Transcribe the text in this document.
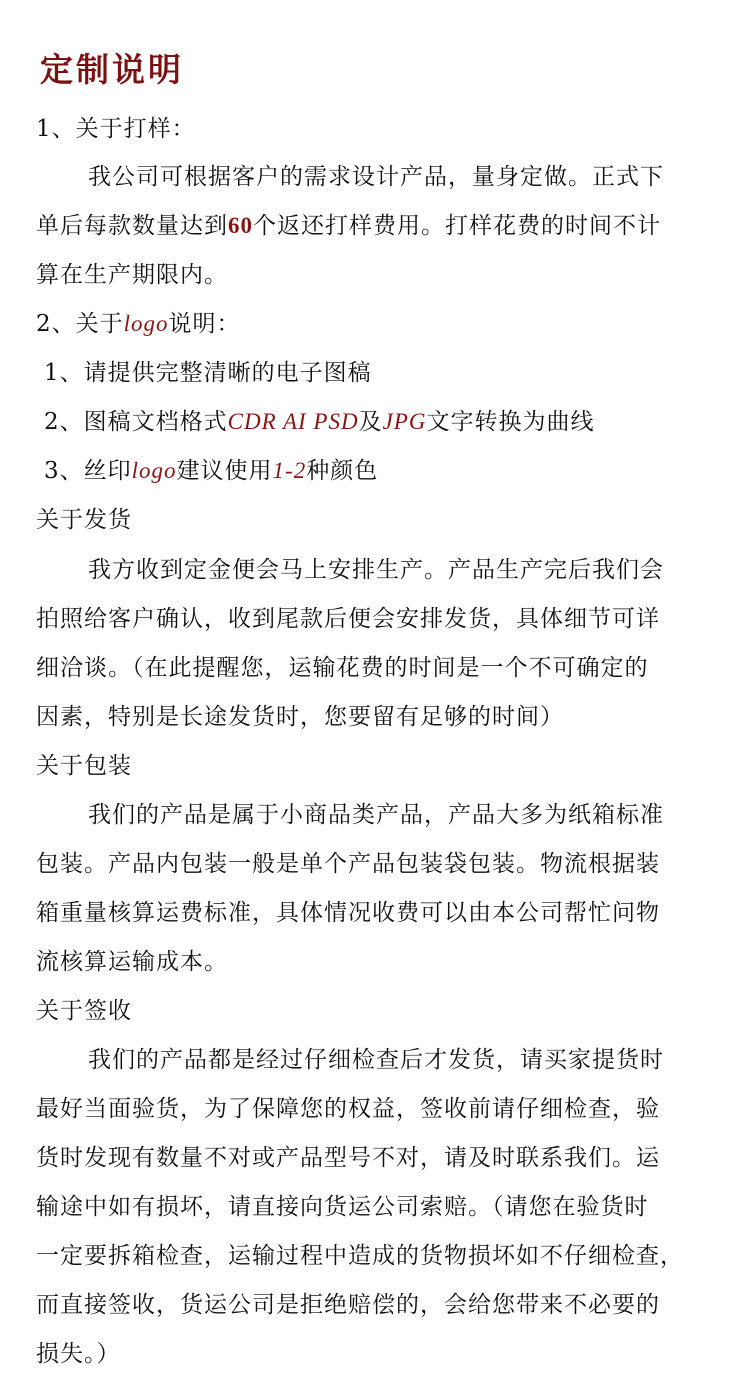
定制说明
1、关于打样：
我公司可根据客户的需求设计产品，量身定做。正式下
单后每款数量达到60个返还打样费用。打样花费的时间不计
算在生产期限内。
2、关于logo说明：
1、请提供完整清晰的电子图稿
2、图稿文档格式CDR AI PSD及JPG文字转换为曲线
3、丝印logo建议使用1-2种颜色
关于发货
我方收到定金便会马上安排生产。产品生产完后我们会
拍照给客户确认，收到尾款后便会安排发货，具体细节可详
细洽谈。（在此提醒您，运输花费的时间是一个不可确定的
因素，特别是长途发货时，您要留有足够的时间）
关于包装
我们的产品是属于小商品类产品，产品大多为纸箱标准
包装。产品内包装一般是单个产品包装袋包装。物流根据装
箱重量核算运费标准，具体情况收费可以由本公司帮忙问物
流核算运输成本。
关于签收
我们的产品都是经过仔细检查后才发货，请买家提货时
最好当面验货，为了保障您的权益，签收前请仔细检查，验
货时发现有数量不对或产品型号不对，请及时联系我们。运
输途中如有损坏，请直接向货运公司索赔。（请您在验货时
一定要拆箱检查，运输过程中造成的货物损坏如不仔细检查，
而直接签收，货运公司是拒绝赔偿的，会给您带来不必要的
损失。）
